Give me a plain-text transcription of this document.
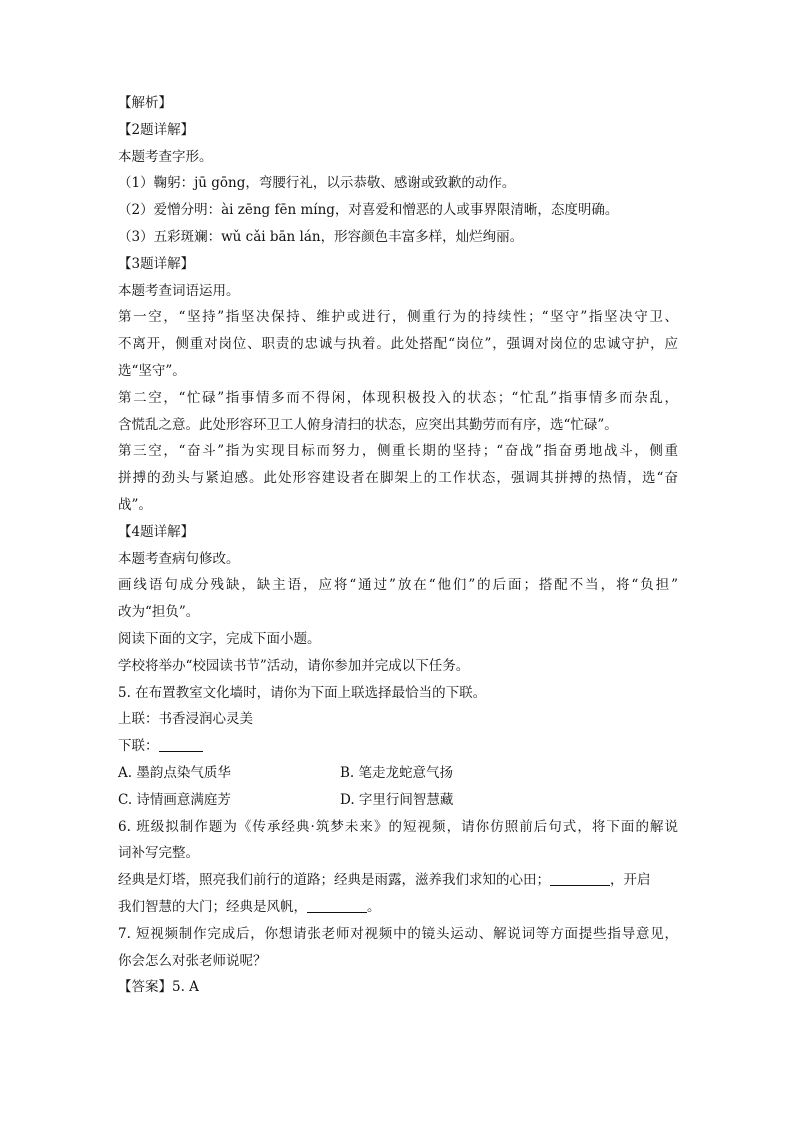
【解析】
【2题详解】
本题考查字形。
（1）鞠躬：jū gōng，弯腰行礼，以示恭敬、感谢或致歉的动作。
（2）爱憎分明：ài zēng fēn míng，对喜爱和憎恶的人或事界限清晰，态度明确。
（3）五彩斑斓：wǔ cǎi bān lán，形容颜色丰富多样，灿烂绚丽。
【3题详解】
本题考查词语运用。
第一空，“坚持”指坚决保持、维护或进行，侧重行为的持续性；“坚守”指坚决守卫、
不离开，侧重对岗位、职责的忠诚与执着。此处搭配“岗位”，强调对岗位的忠诚守护，应
选“坚守”。
第二空，“忙碌”指事情多而不得闲，体现积极投入的状态；“忙乱”指事情多而杂乱，
含慌乱之意。此处形容环卫工人俯身清扫的状态，应突出其勤劳而有序，选“忙碌”。
第三空，“奋斗”指为实现目标而努力，侧重长期的坚持；“奋战”指奋勇地战斗，侧重
拼搏的劲头与紧迫感。此处形容建设者在脚架上的工作状态，强调其拼搏的热情，选“奋
战”。
【4题详解】
本题考查病句修改。
画线语句成分残缺，缺主语，应将“通过”放在“他们”的后面；搭配不当，将“负担”
改为“担负”。
阅读下面的文字，完成下面小题。
学校将举办“校园读书节”活动，请你参加并完成以下任务。
5. 在布置教室文化墙时，请你为下面上联选择最恰当的下联。
上联：书香浸润心灵美
下联：
A. 墨韵点染气质华	B. 笔走龙蛇意气扬
C. 诗情画意满庭芳	D. 字里行间智慧藏
6. 班级拟制作题为《传承经典·筑梦未来》的短视频，请你仿照前后句式，将下面的解说
词补写完整。
经典是灯塔，照亮我们前行的道路；经典是雨露，滋养我们求知的心田；	，开启
我们智慧的大门；经典是风帆，	。
7. 短视频制作完成后，你想请张老师对视频中的镜头运动、解说词等方面提些指导意见，
你会怎么对张老师说呢？
【答案】5. A
